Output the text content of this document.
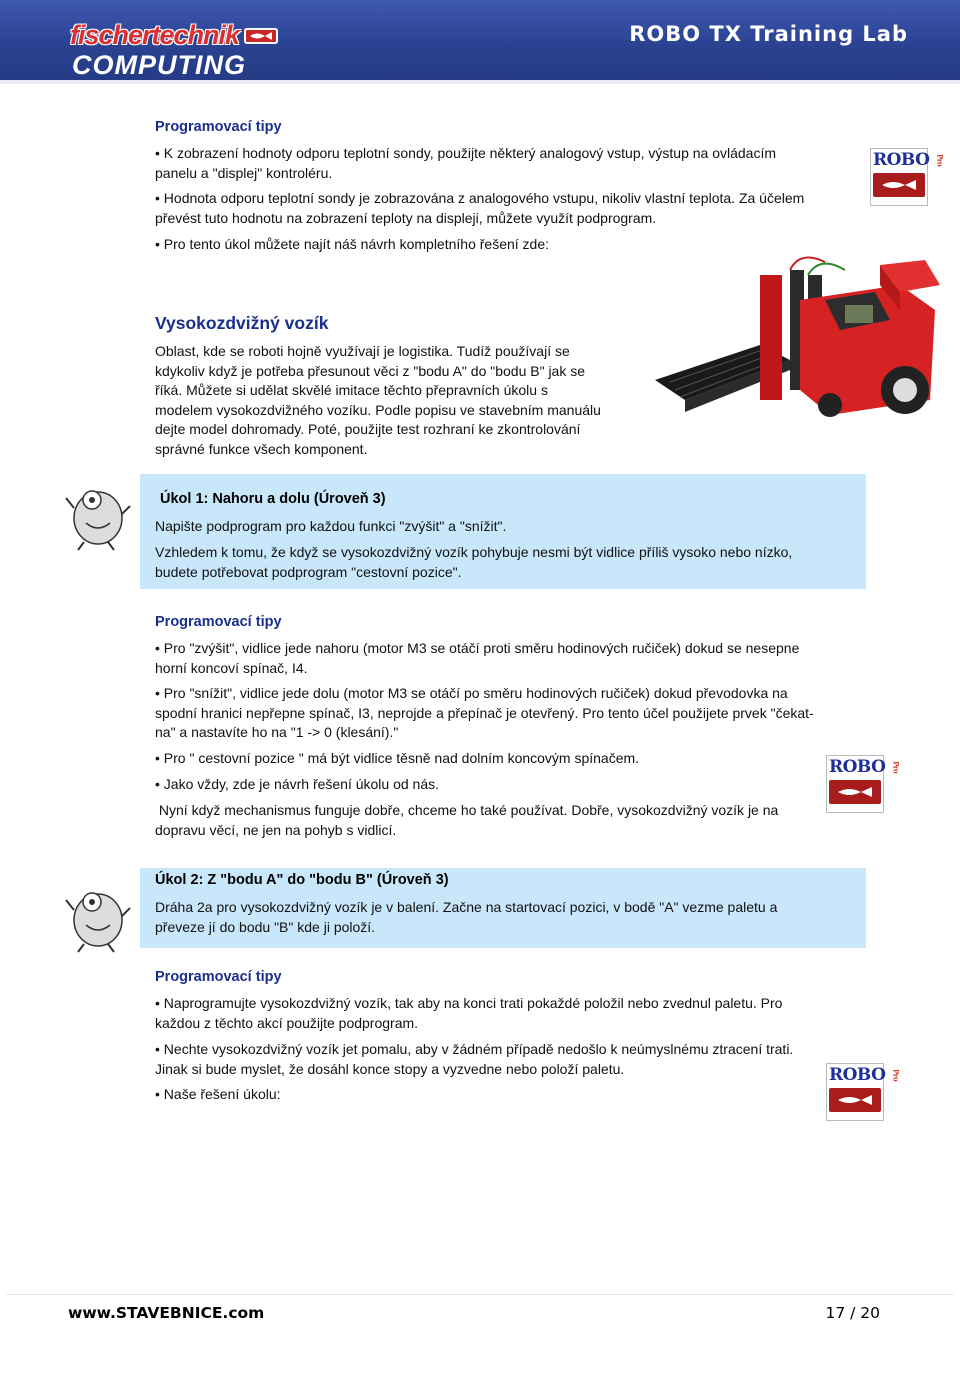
fischertechnik
COMPUTING
ROBO TX Training Lab
Programovací tipy
• K zobrazení hodnoty odporu teplotní sondy, použijte některý analogový vstup, výstup na ovládacím
panelu a "displej" kontroléru.
• Hodnota odporu teplotní sondy je zobrazována z analogového vstupu, nikoliv vlastní teplota. Za účelem
převést tuto hodnotu na zobrazení teploty na displeji, můžete využít podprogram.
• Pro tento úkol můžete najít náš návrh kompletního řešení zde:
ROBO Pro
Vysokozdvižný vozík
Oblast, kde se roboti hojně využívají je logistika. Tudíž používají se
kdykoliv když je potřeba přesunout věci z "bodu A" do "bodu B" jak se
říká. Můžete si udělat skvělé imitace těchto přepravních úkolu s
modelem vysokozdvižného vozíku. Podle popisu ve stavebním manuálu
dejte model dohromady. Poté, použijte test rozhraní ke zkontrolování
správné funkce všech komponent.
Úkol 1: Nahoru a dolu (Úroveň 3)
Napište podprogram pro každou funkci "zvýšit" a "snížit".
Vzhledem k tomu, že když se vysokozdvižný vozík pohybuje nesmi být vidlice příliš vysoko nebo nízko,
budete potřebovat podprogram "cestovní pozice".
Programovací tipy
• Pro "zvýšit", vidlice jede nahoru (motor M3 se otáčí proti směru hodinových ručiček) dokud se nesepne
horní koncoví spínač, I4.
• Pro "snížit", vidlice jede dolu (motor M3 se otáčí po směru hodinových ručiček) dokud převodovka na
spodní hranici nepřepne spínač, I3, neprojde a přepínač je otevřený. Pro tento účel použijete prvek "čekat-
na" a nastavíte ho na "1 -> 0 (klesání)."
• Pro " cestovní pozice " má být vidlice těsně nad dolním koncovým spínačem.
• Jako vždy, zde je návrh řešení úkolu od nás.
Nyní když mechanismus funguje dobře, chceme ho také používat. Dobře, vysokozdvižný vozík je na
dopravu věcí, ne jen na pohyb s vidlicí.
ROBO Pro
Úkol 2: Z "bodu A" do "bodu B" (Úroveň 3)
Dráha 2a pro vysokozdvižný vozík je v balení. Začne na startovací pozici, v bodě "A" vezme paletu a
převeze jí do bodu "B" kde ji položí.
Programovací tipy
• Naprogramujte vysokozdvižný vozík, tak aby na konci trati pokaždé položil nebo zvednul paletu. Pro
každou z těchto akcí použijte podprogram.
• Nechte vysokozdvižný vozík jet pomalu, aby v žádném případě nedošlo k neúmyslnému ztracení trati.
Jinak si bude myslet, že dosáhl konce stopy a vyzvedne nebo položí paletu.
• Naše řešení úkolu:
ROBO Pro
www.STAVEBNICE.com	17 / 20
